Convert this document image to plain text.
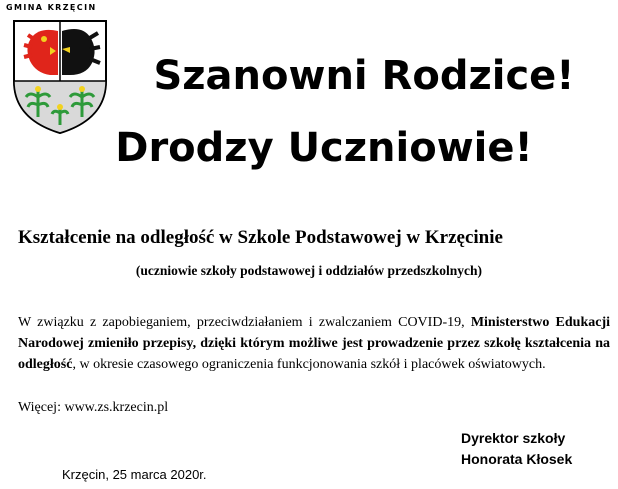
GMINA KRZĘCIN
Szanowni Rodzice!
Drodzy Uczniowie!
Kształcenie na odległość w Szkole Podstawowej w Krzęcinie
(uczniowie szkoły podstawowej i oddziałów przedszkolnych)
W związku z zapobieganiem, przeciwdziałaniem i zwalczaniem COVID-19, Ministerstwo Edukacji Narodowej zmieniło przepisy, dzięki którym możliwe jest prowadzenie przez szkołę kształcenia na odległość, w okresie czasowego ograniczenia funkcjonowania szkół i placówek oświatowych.
Więcej: www.zs.krzecin.pl
Dyrektor szkoły
Honorata Kłosek
Krzęcin, 25 marca 2020r.
